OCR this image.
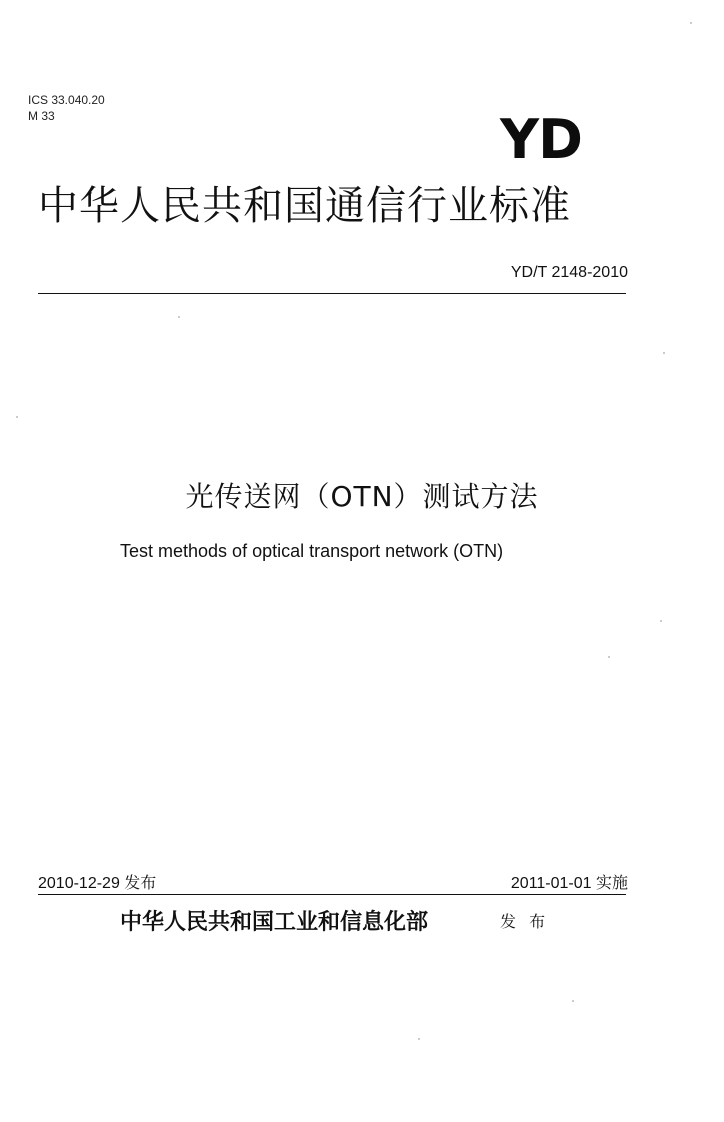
ICS 33.040.20
M 33	YD
中华人民共和国通信行业标准
YD/T 2148-2010
光传送网（OTN）测试方法
Test methods of optical transport network (OTN)
2010-12-29 发布	2011-01-01 实施
中华人民共和国工业和信息化部	发 布
